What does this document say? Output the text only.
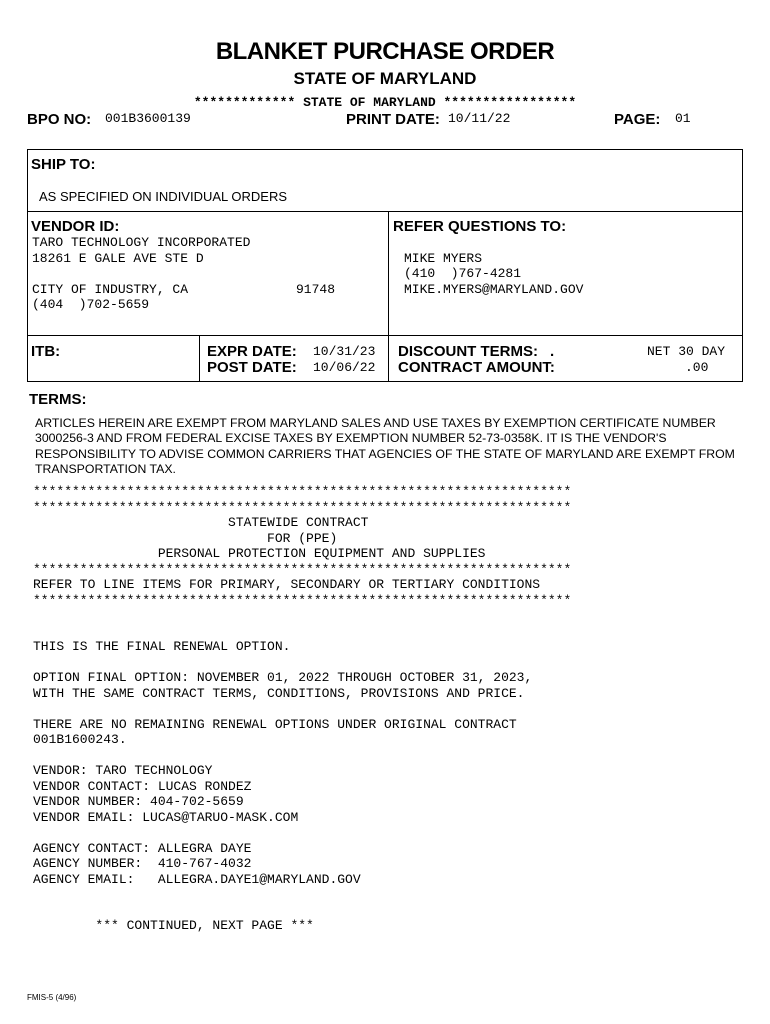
BLANKET PURCHASE ORDER
STATE OF MARYLAND
************* STATE OF MARYLAND *****************
BPO NO: 001B3600139	PRINT DATE: 10/11/22	PAGE: 01
SHIP TO:
AS SPECIFIED ON INDIVIDUAL ORDERS
VENDOR ID:
TARO TECHNOLOGY INCORPORATED
18261 E GALE AVE STE D
CITY OF INDUSTRY, CA	91748
(404  )702-5659
REFER QUESTIONS TO:
MIKE MYERS
(410  )767-4281
MIKE.MYERS@MARYLAND.GOV
ITB:	EXPR DATE: 10/31/23
POST DATE: 10/06/22
DISCOUNT TERMS: .	NET 30 DAY
CONTRACT AMOUNT:	.00
TERMS:
ARTICLES HEREIN ARE EXEMPT FROM MARYLAND SALES AND USE TAXES BY EXEMPTION CERTIFICATE NUMBER 3000256-3 AND FROM FEDERAL EXCISE TAXES BY EXEMPTION NUMBER 52-73-0358K. IT IS THE VENDOR'S RESPONSIBILITY TO ADVISE COMMON CARRIERS THAT AGENCIES OF THE STATE OF MARYLAND ARE EXEMPT FROM TRANSPORTATION TAX.
*********************************************************************
*********************************************************************
STATEWIDE CONTRACT
FOR (PPE)
PERSONAL PROTECTION EQUIPMENT AND SUPPLIES
*********************************************************************
REFER TO LINE ITEMS FOR PRIMARY, SECONDARY OR TERTIARY CONDITIONS
*********************************************************************
THIS IS THE FINAL RENEWAL OPTION.
OPTION FINAL OPTION: NOVEMBER 01, 2022 THROUGH OCTOBER 31, 2023,
WITH THE SAME CONTRACT TERMS, CONDITIONS, PROVISIONS AND PRICE.
THERE ARE NO REMAINING RENEWAL OPTIONS UNDER ORIGINAL CONTRACT
001B1600243.
VENDOR: TARO TECHNOLOGY
VENDOR CONTACT: LUCAS RONDEZ
VENDOR NUMBER: 404-702-5659
VENDOR EMAIL: LUCAS@TARUO-MASK.COM
AGENCY CONTACT: ALLEGRA DAYE
AGENCY NUMBER:  410-767-4032
AGENCY EMAIL:   ALLEGRA.DAYE1@MARYLAND.GOV
*** CONTINUED, NEXT PAGE ***
FMIS-5 (4/96)
